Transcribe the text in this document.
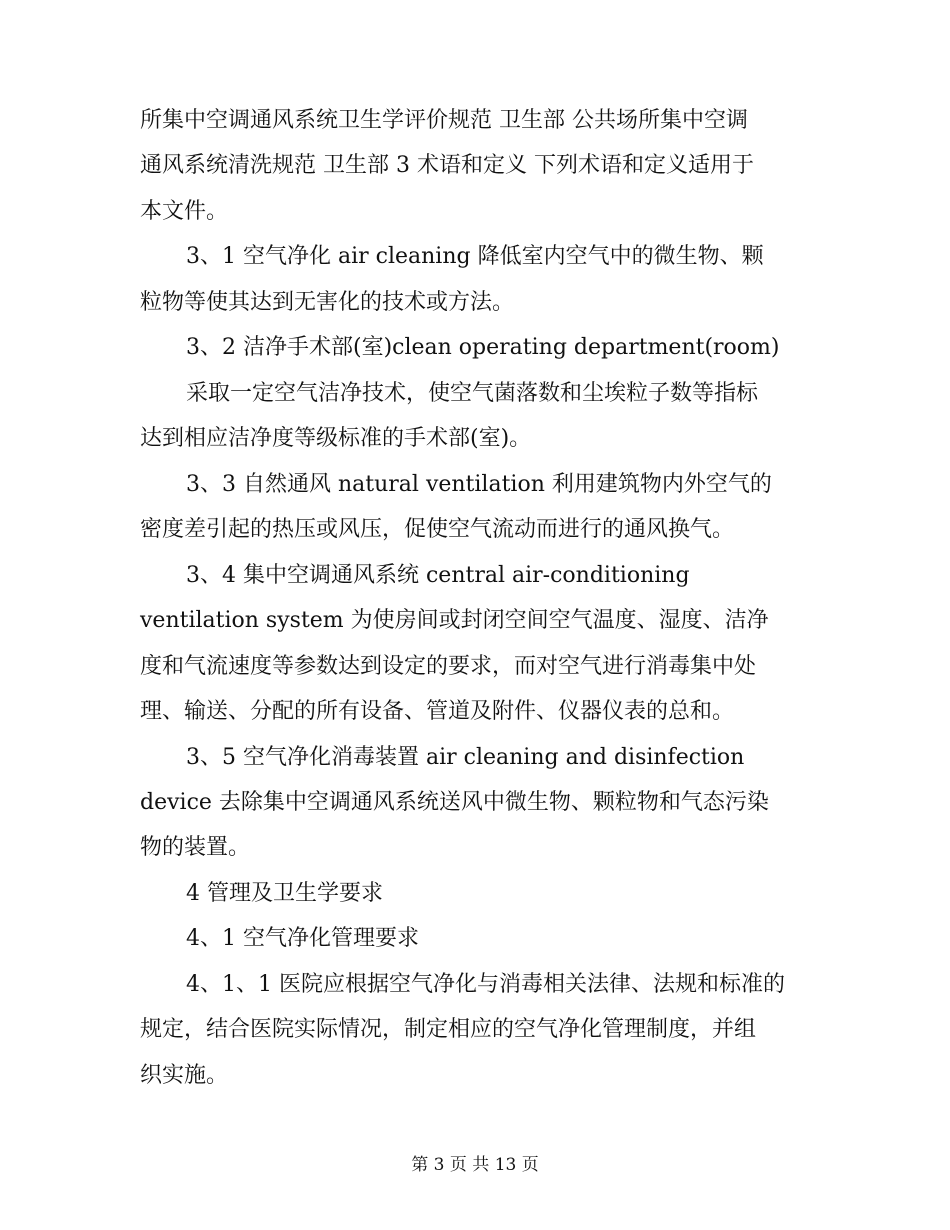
所集中空调通风系统卫生学评价规范 卫生部 公共场所集中空调
通风系统清洗规范 卫生部 3 术语和定义 下列术语和定义适用于
本文件。
3、1 空气净化 air cleaning 降低室内空气中的微生物、颗
粒物等使其达到无害化的技术或方法。
3、2 洁净手术部(室)clean operating department(room)
采取一定空气洁净技术，使空气菌落数和尘埃粒子数等指标
达到相应洁净度等级标准的手术部(室)。
3、3 自然通风 natural ventilation 利用建筑物内外空气的
密度差引起的热压或风压，促使空气流动而进行的通风换气。
3、4 集中空调通风系统 central air-conditioning
ventilation system 为使房间或封闭空间空气温度、湿度、洁净
度和气流速度等参数达到设定的要求，而对空气进行消毒集中处
理、输送、分配的所有设备、管道及附件、仪器仪表的总和。
3、5 空气净化消毒装置 air cleaning and disinfection
device 去除集中空调通风系统送风中微生物、颗粒物和气态污染
物的装置。
4 管理及卫生学要求
4、1 空气净化管理要求
4、1、1 医院应根据空气净化与消毒相关法律、法规和标准的
规定，结合医院实际情况，制定相应的空气净化管理制度，并组
织实施。
第 3 页 共 13 页
